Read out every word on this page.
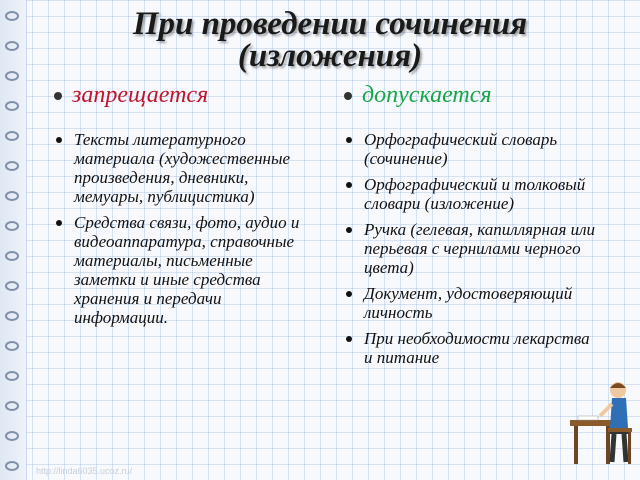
При проведении сочинения (изложения)
запрещается	допускается
Тексты литературного материала (художественные произведения, дневники, мемуары, публицистика)
Средства связи, фото, аудио и видеоаппаратура, справочные материалы, письменные заметки и иные средства хранения и передачи информации.
Орфографический словарь (сочинение)
Орфографический и толковый словари (изложение)
Ручка (гелевая, капиллярная или перьевая с чернилами черного цвета)
Документ, удостоверяющий личность
При необходимости лекарства и питание
http://linda6035.ucoz.ru/
